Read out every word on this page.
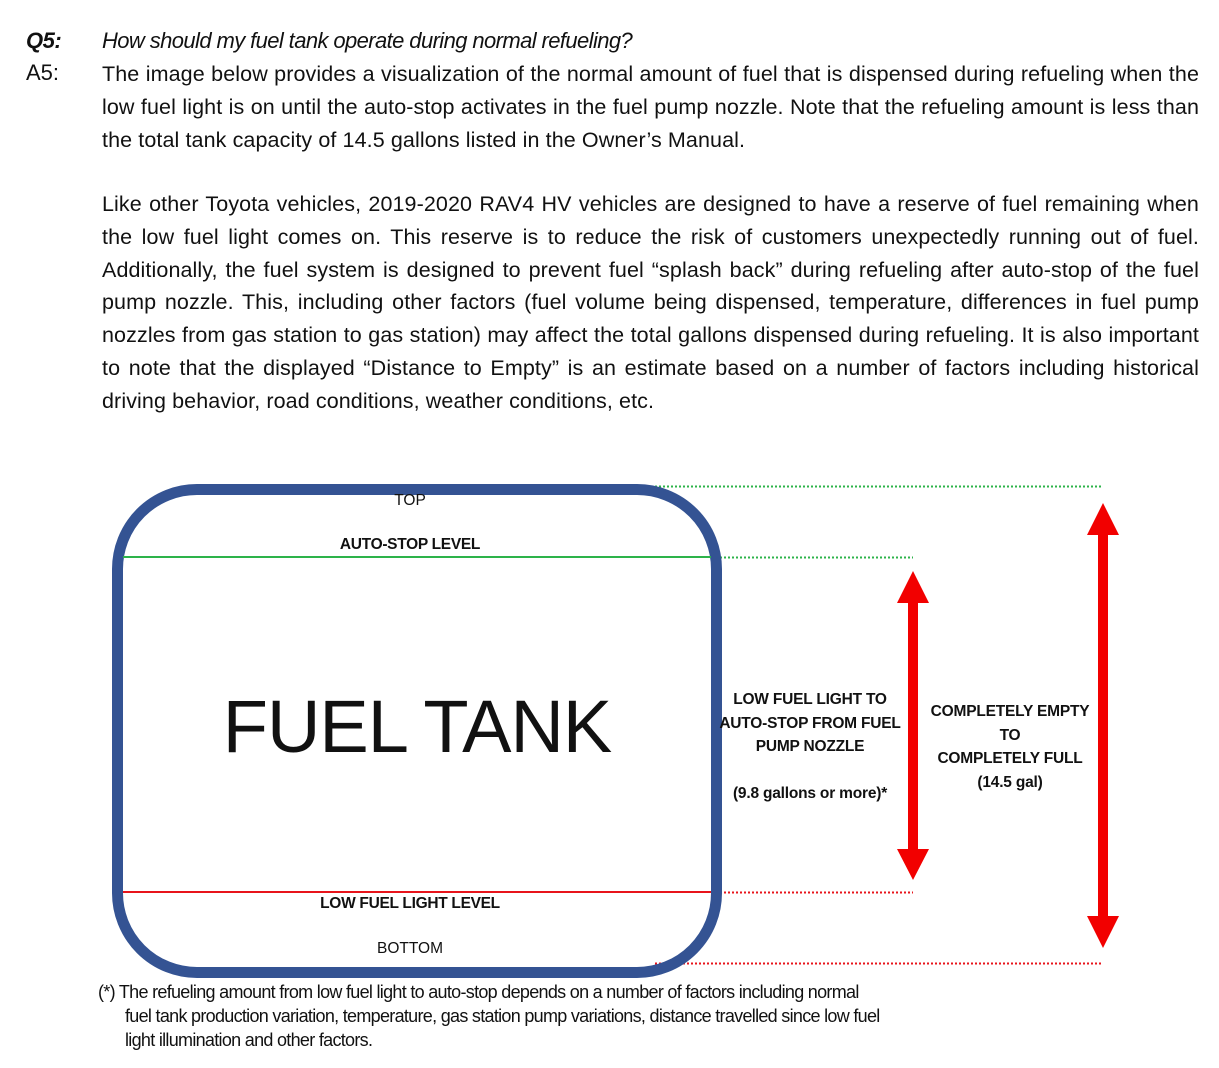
Q5: How should my fuel tank operate during normal refueling?
A5: The image below provides a visualization of the normal amount of fuel that is dispensed during refueling when the low fuel light is on until the auto-stop activates in the fuel pump nozzle. Note that the refueling amount is less than the total tank capacity of 14.5 gallons listed in the Owner’s Manual.
Like other Toyota vehicles, 2019-2020 RAV4 HV vehicles are designed to have a reserve of fuel remaining when the low fuel light comes on. This reserve is to reduce the risk of customers unexpectedly running out of fuel. Additionally, the fuel system is designed to prevent fuel “splash back” during refueling after auto-stop of the fuel pump nozzle. This, including other factors (fuel volume being dispensed, temperature, differences in fuel pump nozzles from gas station to gas station) may affect the total gallons dispensed during refueling. It is also important to note that the displayed “Distance to Empty” is an estimate based on a number of factors including historical driving behavior, road conditions, weather conditions, etc.
TOP
AUTO-STOP LEVEL
FUEL TANK
LOW FUEL LIGHT LEVEL
BOTTOM
LOW FUEL LIGHT TO
AUTO-STOP FROM FUEL
PUMP NOZZLE
(9.8 gallons or more)*
COMPLETELY EMPTY
TO
COMPLETELY FULL
(14.5 gal)
(*) The refueling amount from low fuel light to auto-stop depends on a number of factors including normal
fuel tank production variation, temperature, gas station pump variations, distance travelled since low fuel
light illumination and other factors.
